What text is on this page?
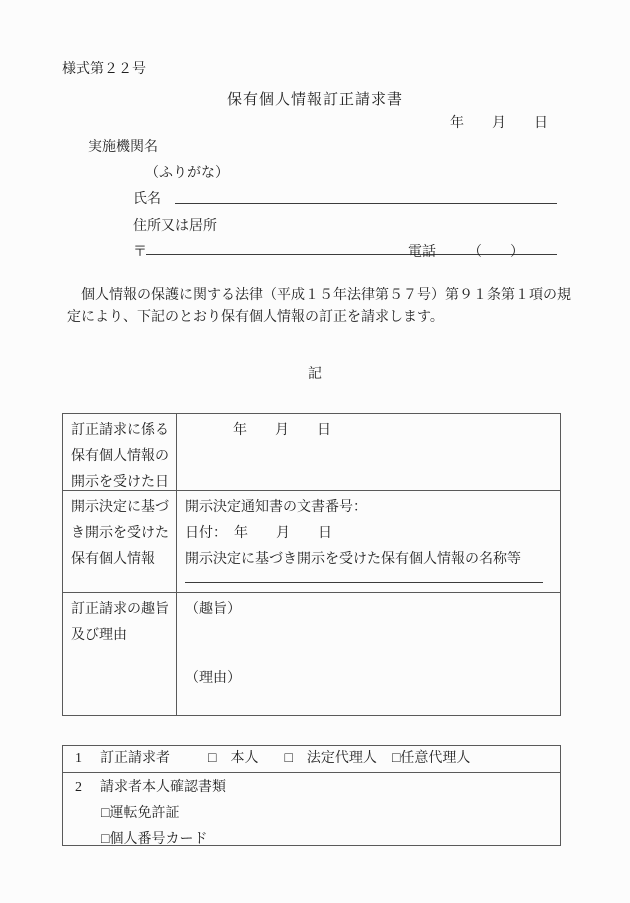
様式第２２号
保有個人情報訂正請求書
年　　月　　日
実施機関名
（ふりがな）
氏名
住所又は居所
〒	電話 （　　）

個人情報の保護に関する法律（平成１５年法律第５７号）第９１条第１項の規定により、下記のとおり保有個人情報の訂正を請求します。

記
訂正請求に係る
保有個人情報の
開示を受けた日
年　　月　　日
開示決定に基づ
き開示を受けた
保有個人情報
開示決定通知書の文書番号：
日付：　年　　月　　日
開示決定に基づき開示を受けた保有個人情報の名称等
訂正請求の趣旨
及び理由
（趣旨）
（理由）
1 訂正請求者	□　本人 □　法定代理人 □任意代理人
2 請求者本人確認書類
□運転免許証
□個人番号カード
